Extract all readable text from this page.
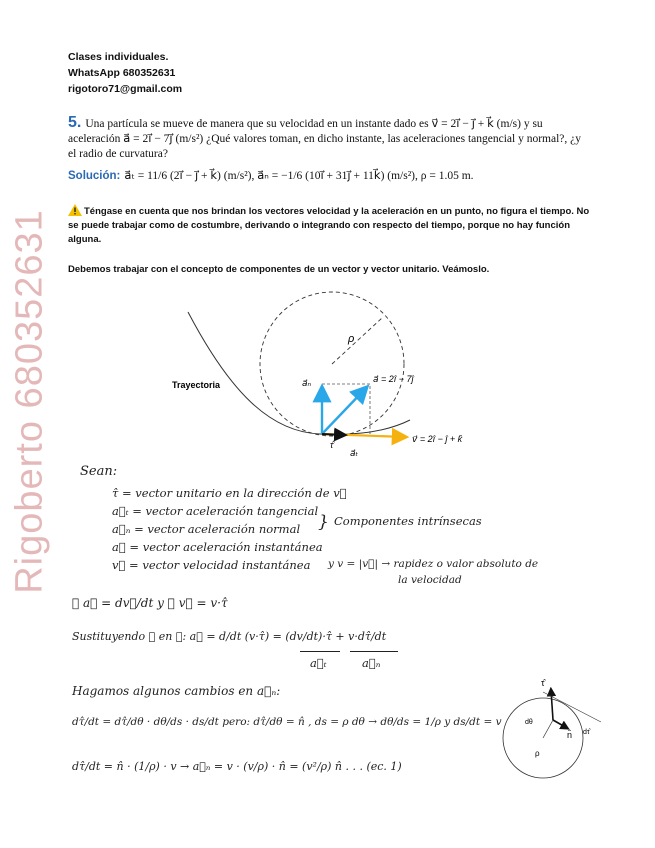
Clases individuales.
WhatsApp 680352631
rigotoro71@gmail.com
Rigoberto 680352631
5. Una partícula se mueve de manera que su velocidad en un instante dado es v⃗ = 2i⃗ − j⃗ + k⃗ (m/s) y su aceleración a⃗ = 2i⃗ − 7j⃗ (m/s²) ¿Qué valores toman, en dicho instante, las aceleraciones tangencial y normal?, ¿y el radio de curvatura?
Solución: a⃗ₜ = 11/6 (2i⃗ − j⃗ + k⃗) (m/s²), a⃗ₙ = −1/6 (10i⃗ + 31j⃗ + 11k⃗) (m/s²), ρ = 1.05 m.
Téngase en cuenta que nos brindan los vectores velocidad y la aceleración en un punto, no figura el tiempo. No se puede trabajar como de costumbre, derivando o integrando con respecto del tiempo, porque no hay función alguna.
Debemos trabajar con el concepto de componentes de un vector y vector unitario. Veámoslo.
ρ
Trayectoria	a⃗ₙ	a⃗ = 2î − 7ĵ
v⃗ = 2î − ĵ + k̂
τ̂
a⃗ₜ
Sean:
τ̂ = vector unitario en la dirección de v⃗
a⃗ₜ = vector aceleración tangencial
a⃗ₙ = vector aceleración normal } Componentes intrínsecas
a⃗ = vector aceleración instantánea
v⃗ = vector velocidad instantánea y v = |v⃗| → rapidez o valor absoluto de
la velocidad
① a⃗ = dv⃗/dt y ② v⃗ = v·τ̂
Sustituyendo ② en ①: a⃗ = d/dt (v·τ̂) = (dv/dt)·τ̂ + v·dτ̂/dt
a⃗ₜ	a⃗ₙ
Hagamos algunos cambios en a⃗ₙ:
dτ̂/dt = dτ̂/dθ · dθ/ds · ds/dt pero: dτ̂/dθ = n̂ , ds = ρ dθ → dθ/ds = 1/ρ y ds/dt = v
dτ̂/dt = n̂ · (1/ρ) · v → a⃗ₙ = v · (v/ρ) · n̂ = (v²/ρ) n̂ . . . (ec. 1)
τ̂
n̂ dτ̂
dθ
ρ
